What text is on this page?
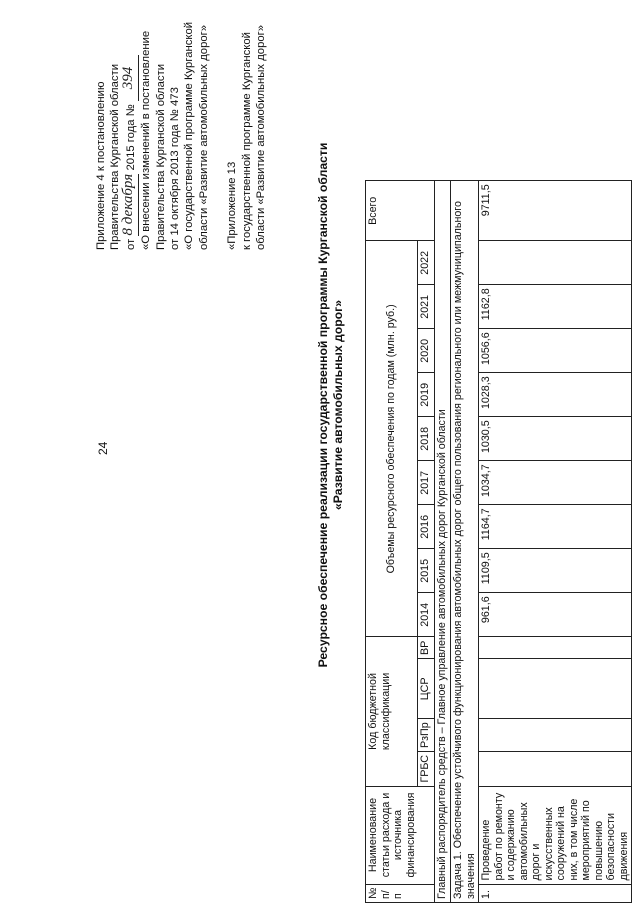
24
Приложение 4 к постановлению Правительства Курганской области от 8 декабря 2015 года № 394 «О внесении изменений в постановление Правительства Курганской области от 14 октября 2013 года № 473 «О государственной программе Курганской области «Развитие автомобильных дорог» «Приложение 13 к государственной программе Курганской области «Развитие автомобильных дорог»
Ресурсное обеспечение реализации государственной программы Курганской области «Развитие автомобильных дорог»
№ п/п	Наименование статьи расхода и источника финансирования	Код бюджетной классификации				Объемы ресурсного обеспечения по годам (млн. руб.)									Всего
		ГРБС	РзПр	ЦСР	ВР	2014	2015	2016	2017	2018	2019	2020	2021	2022	
Главный распорядитель средств – Главное управление автомобильных дорог Курганской области															
Задача 1. Обеспечение устойчивого функционирования автомобильных дорог общего пользования регионального или межмуниципального значения															
1.	Проведение работ по ремонту и содержанию автомобильных дорог и искусственных сооружений на них, в том числе мероприятий по повышению безопасности движения					961,6	1109,5	1164,7	1034,7	1030,5	1028,3	1056,6	1162,8		9711,5
